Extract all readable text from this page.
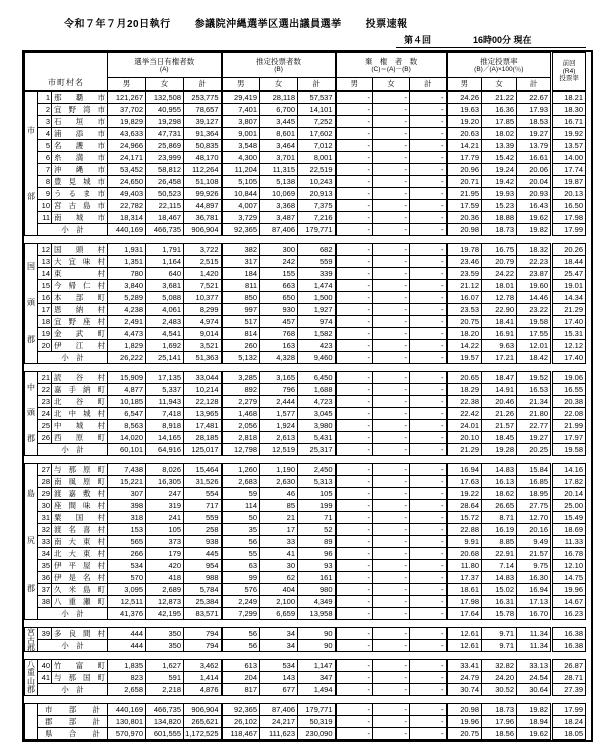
令和７年７月20日執行 参議院沖縄選挙区選出議員選挙 投票速報
第４回	16時00分 現在
市町村名

選挙当日有権者数
(A)

推定投票者数
(B)

棄　権　者　数
(C)＝(A)－(B)

推定投票率
(B)／(A)×100(％)

前回
(R4)
投票率

	男	女	計	男	女	計	男	女	計	男	女	計	
市
部	1	那覇市	121,267	132,508	253,775	29,419	28,118	57,537	-	-	-	24.26	21.22	22.67	18.21
	2	宜野湾市	37,702	40,955	78,657	7,401	6,700	14,101	-	-	-	19.63	16.36	17.93	18.30
	3	石垣市	19,829	19,298	39,127	3,807	3,445	7,252	-	-	-	19.20	17.85	18.53	16.71
	4	浦添市	43,633	47,731	91,364	9,001	8,601	17,602	-	-	-	20.63	18.02	19.27	19.92
	5	名護市	24,966	25,869	50,835	3,548	3,464	7,012	-	-	-	14.21	13.39	13.79	13.57
	6	糸満市	24,171	23,999	48,170	4,300	3,701	8,001	-	-	-	17.79	15.42	16.61	14.00
	7	沖縄市	53,452	58,812	112,264	11,204	11,315	22,519	-	-	-	20.96	19.24	20.06	17.74
	8	豊見城市	24,650	26,458	51,108	5,105	5,138	10,243	-	-	-	20.71	19.42	20.04	19.87
	9	うるま市	49,403	50,523	99,926	10,844	10,069	20,913	-	-	-	21.95	19.93	20.93	20.13
	10	宮古島市	22,782	22,115	44,897	4,007	3,368	7,375	-	-	-	17.59	15.23	16.43	16.50
	11	南城市	18,314	18,467	36,781	3,729	3,487	7,216	-	-	-	20.36	18.88	19.62	17.98
	小　計		440,169	466,735	906,904	92,365	87,406	179,771	-	-	-	20.98	18.73	19.82	17.99
国
頭
郡	12	国頭村	1,931	1,791	3,722	382	300	682	-	-	-	19.78	16.75	18.32	20.26
	13	大宜味村	1,351	1,164	2,515	317	242	559	-	-	-	23.46	20.79	22.23	18.44
	14	東村	780	640	1,420	184	155	339	-	-	-	23.59	24.22	23.87	25.47
	15	今帰仁村	3,840	3,681	7,521	811	663	1,474	-	-	-	21.12	18.01	19.60	19.01
	16	本部町	5,289	5,088	10,377	850	650	1,500	-	-	-	16.07	12.78	14.46	14.34
	17	恩納村	4,238	4,061	8,299	997	930	1,927	-	-	-	23.53	22.90	23.22	21.29
	18	宜野座村	2,491	2,483	4,974	517	457	974	-	-	-	20.75	18.41	19.58	17.40
	19	金武町	4,473	4,541	9,014	814	768	1,582	-	-	-	18.20	16.91	17.55	15.31
	20	伊江村	1,829	1,692	3,521	260	163	423	-	-	-	14.22	9.63	12.01	12.12
	小　計		26,222	25,141	51,363	5,132	4,328	9,460	-	-	-	19.57	17.21	18.42	17.40
中
頭
郡	21	読谷村	15,909	17,135	33,044	3,285	3,165	6,450	-	-	-	20.65	18.47	19.52	19.06
	22	嘉手納町	4,877	5,337	10,214	892	796	1,688	-	-	-	18.29	14.91	16.53	16.55
	23	北谷町	10,185	11,943	22,128	2,279	2,444	4,723	-	-	-	22.38	20.46	21.34	20.38
	24	北中城村	6,547	7,418	13,965	1,468	1,577	3,045	-	-	-	22.42	21.26	21.80	22.08
	25	中城村	8,563	8,918	17,481	2,056	1,924	3,980	-	-	-	24.01	21.57	22.77	21.99
	26	西原町	14,020	14,165	28,185	2,818	2,613	5,431	-	-	-	20.10	18.45	19.27	17.97
	小　計		60,101	64,916	125,017	12,798	12,519	25,317	-	-	-	21.29	19.28	20.25	19.58
島
尻
郡	27	与那原町	7,438	8,026	15,464	1,260	1,190	2,450	-	-	-	16.94	14.83	15.84	14.16
	28	南風原町	15,221	16,305	31,526	2,683	2,630	5,313	-	-	-	17.63	16.13	16.85	17.82
	29	渡嘉敷村	307	247	554	59	46	105	-	-	-	19.22	18.62	18.95	20.14
	30	座間味村	398	319	717	114	85	199	-	-	-	28.64	26.65	27.75	25.00
	31	粟国村	318	241	559	50	21	71	-	-	-	15.72	8.71	12.70	15.49
	32	渡名喜村	153	105	258	35	17	52	-	-	-	22.88	16.19	20.16	18.69
	33	南大東村	565	373	938	56	33	89	-	-	-	9.91	8.85	9.49	11.33
	34	北大東村	266	179	445	55	41	96	-	-	-	20.68	22.91	21.57	16.78
	35	伊平屋村	534	420	954	63	30	93	-	-	-	11.80	7.14	9.75	12.10
	36	伊是名村	570	418	988	99	62	161	-	-	-	17.37	14.83	16.30	14.75
	37	久米島町	3,095	2,689	5,784	576	404	980	-	-	-	18.61	15.02	16.94	19.96
	38	八重瀬町	12,511	12,873	25,384	2,249	2,100	4,349	-	-	-	17.98	16.31	17.13	14.67
	小　計		41,376	42,195	83,571	7,299	6,659	13,958	-	-	-	17.64	15.78	16.70	16.23
宮
古
郡	39	多良間村	444	350	794	56	34	90	-	-	-	12.61	9.71	11.34	16.38
	小　計		444	350	794	56	34	90	-	-	-	12.61	9.71	11.34	16.38
八
重
山
郡	40	竹富町	1,835	1,627	3,462	613	534	1,147	-	-	-	33.41	32.82	33.13	26.87
	41	与那国町	823	591	1,414	204	143	347	-	-	-	24.79	24.20	24.54	28.71
	小　計		2,658	2,218	4,876	817	677	1,494	-	-	-	30.74	30.52	30.64	27.39
	市部計	440,169	466,735	906,904	92,365	87,406	179,771	-	-	-	20.98	18.73	19.82	17.99
	郡部計	130,801	134,820	265,621	26,102	24,217	50,319	-	-	-	19.96	17.96	18.94	18.24
	県合計	570,970	601,555	1,172,525	118,467	111,623	230,090	-	-	-	20.75	18.56	19.62	18.05
